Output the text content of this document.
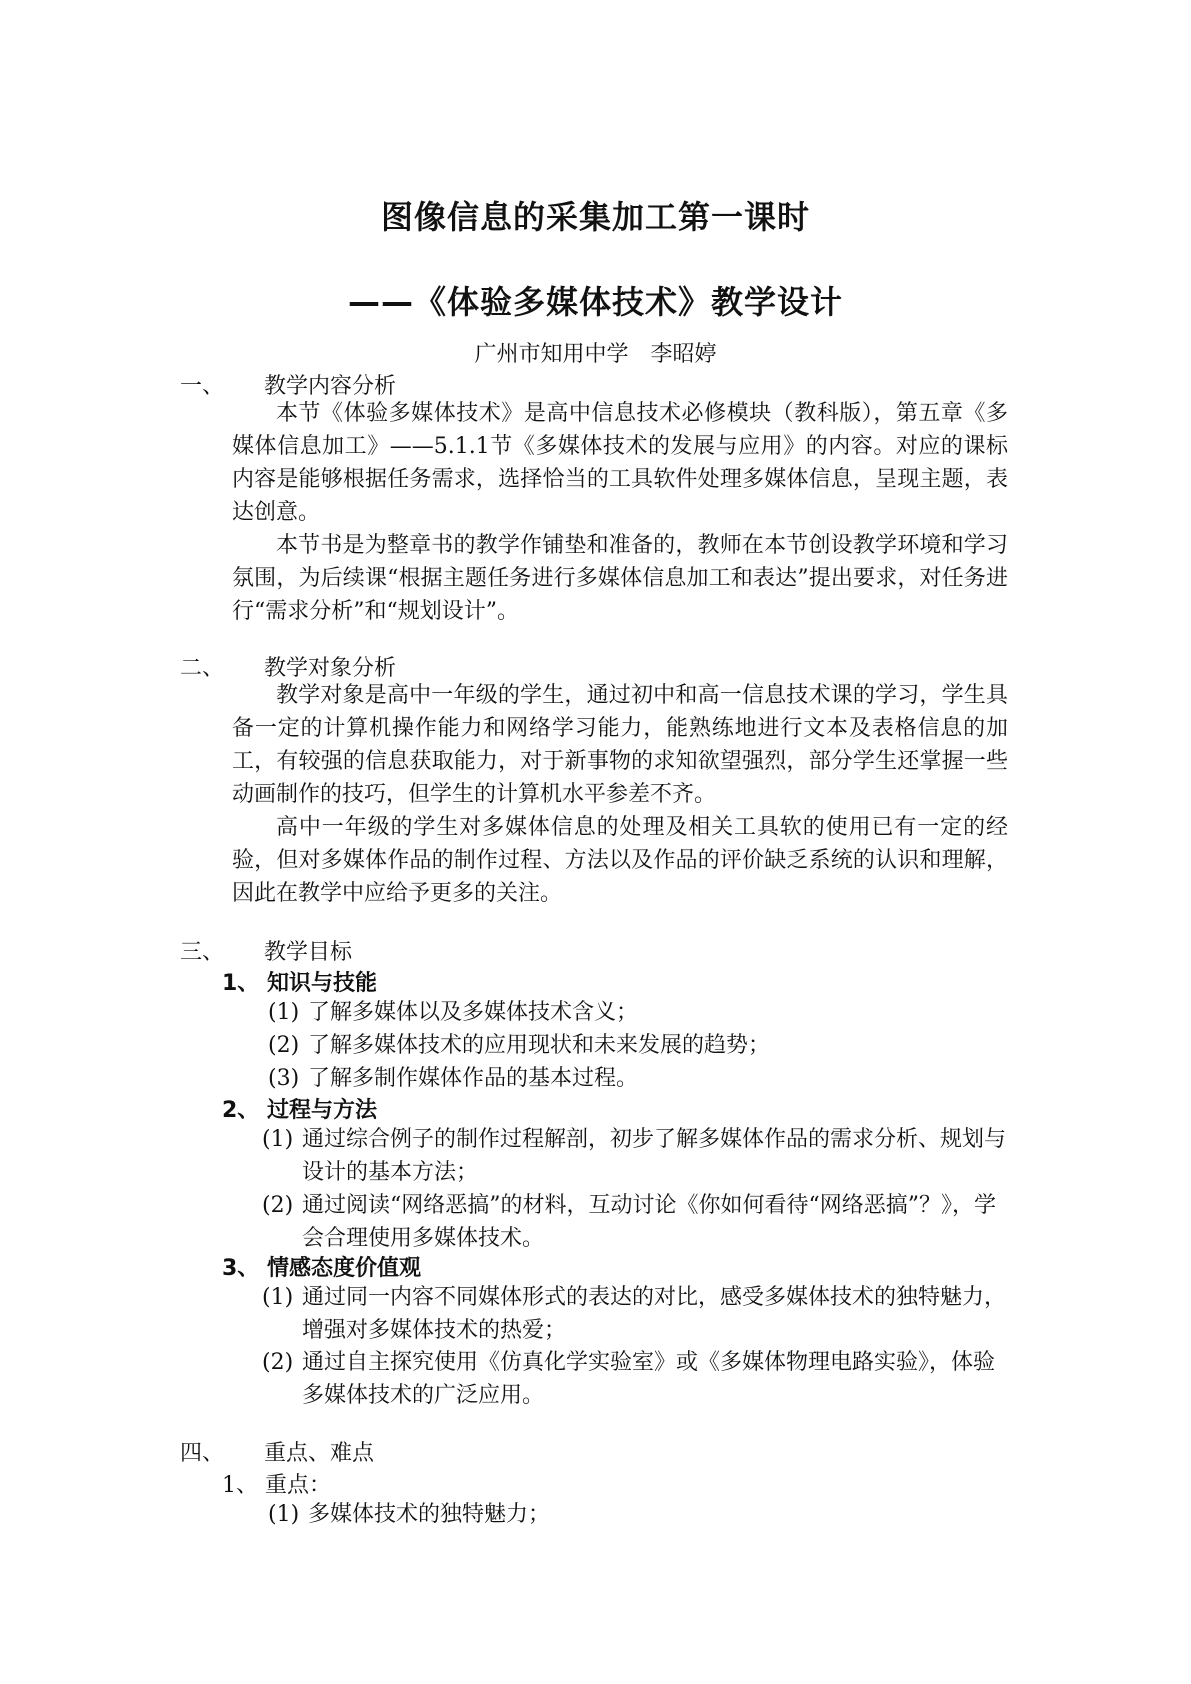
图像信息的采集加工第一课时
——《体验多媒体技术》教学设计
广州市知用中学　李昭婷
一、 教学内容分析
本节《体验多媒体技术》是高中信息技术必修模块（教科版），第五章《多媒体信息加工》——5.1.1节《多媒体技术的发展与应用》的内容。对应的课标内容是能够根据任务需求，选择恰当的工具软件处理多媒体信息，呈现主题，表达创意。
本节书是为整章书的教学作铺垫和准备的，教师在本节创设教学环境和学习氛围，为后续课“根据主题任务进行多媒体信息加工和表达”提出要求，对任务进行“需求分析”和“规划设计”。
二、 教学对象分析
教学对象是高中一年级的学生，通过初中和高一信息技术课的学习，学生具备一定的计算机操作能力和网络学习能力，能熟练地进行文本及表格信息的加工，有较强的信息获取能力，对于新事物的求知欲望强烈，部分学生还掌握一些动画制作的技巧，但学生的计算机水平参差不齐。
高中一年级的学生对多媒体信息的处理及相关工具软的使用已有一定的经验，但对多媒体作品的制作过程、方法以及作品的评价缺乏系统的认识和理解，因此在教学中应给予更多的关注。
三、 教学目标
1、 知识与技能
(1) 了解多媒体以及多媒体技术含义；
(2) 了解多媒体技术的应用现状和未来发展的趋势；
(3) 了解多制作媒体作品的基本过程。
2、 过程与方法
(1) 通过综合例子的制作过程解剖，初步了解多媒体作品的需求分析、规划与设计的基本方法；
(2) 通过阅读“网络恶搞”的材料，互动讨论《你如何看待“网络恶搞”？》，学会合理使用多媒体技术。
3、 情感态度价值观
(1) 通过同一内容不同媒体形式的表达的对比，感受多媒体技术的独特魅力，增强对多媒体技术的热爱；
(2) 通过自主探究使用《仿真化学实验室》或《多媒体物理电路实验》，体验多媒体技术的广泛应用。
四、 重点、难点
1、 重点：
(1) 多媒体技术的独特魅力；
